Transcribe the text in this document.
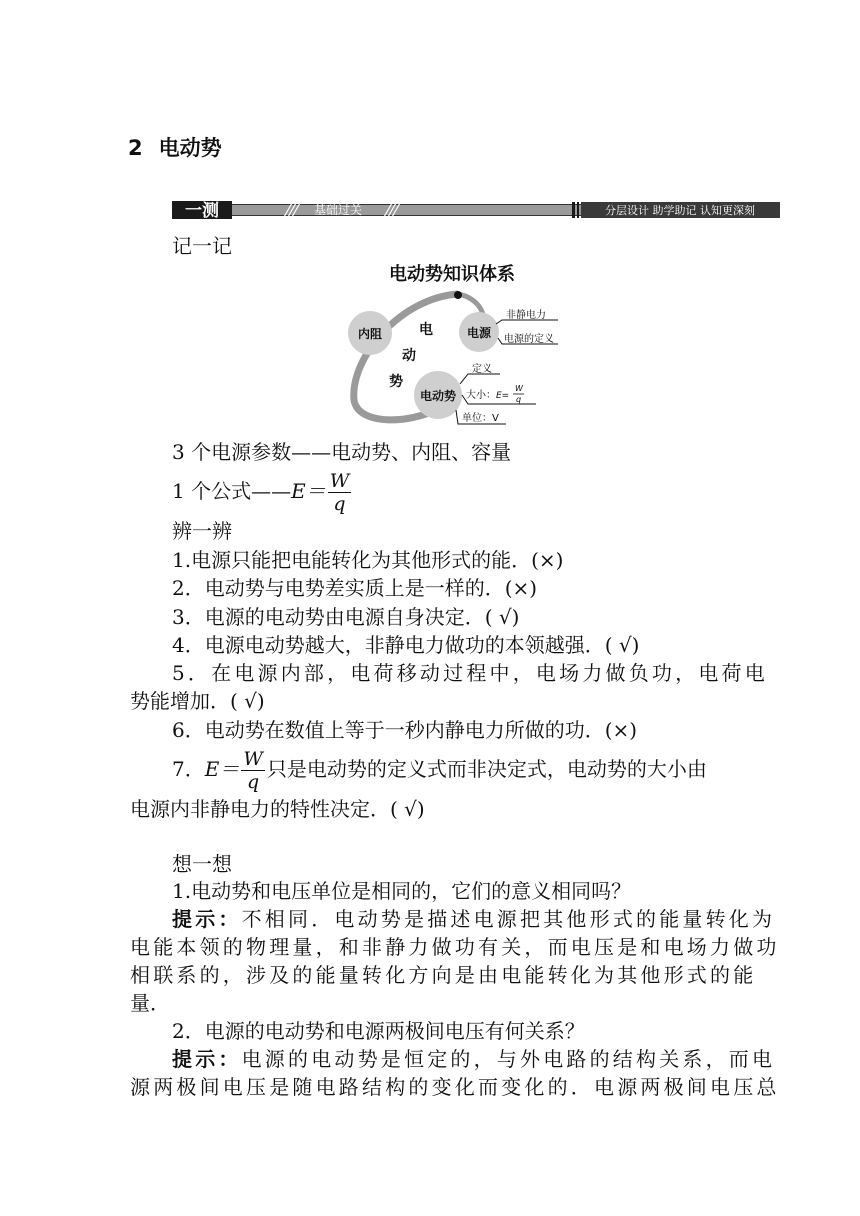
2 电动势
一测	基础过关	分层设计 助学助记 认知更深刻
记一记
电动势知识体系
内阻	电
动
势
电源
非静电力
电源的定义
电动势
定义
大小： E=
W
q
单位：V
3 个电源参数——电动势、内阻、容量
1 个公式——E＝ $\frac{W}{q}$
辨一辨
1.电源只能把电能转化为其他形式的能．(×)
2．电动势与电势差实质上是一样的．(×)
3．电源的电动势由电源自身决定．( √)
4．电源电动势越大，非静电力做功的本领越强．( √)
5．在电源内部，电荷移动过程中，电场力做负功，电荷电
势能增加．( √)
6．电动势在数值上等于一秒内静电力所做的功．(×)
7．$E= \frac{W}{q}$ 只是电动势的定义式而非决定式，电动势的大小由
电源内非静电力的特性决定．( √)
想一想
1.电动势和电压单位是相同的，它们的意义相同吗？
提示：不相同．电动势是描述电源把其他形式的能量转化为
电能本领的物理量，和非静力做功有关，而电压是和电场力做功
相联系的，涉及的能量转化方向是由电能转化为其他形式的能
量．
2．电源的电动势和电源两极间电压有何关系？
提示：电源的电动势是恒定的，与外电路的结构关系，而电
源两极间电压是随电路结构的变化而变化的．电源两极间电压总
